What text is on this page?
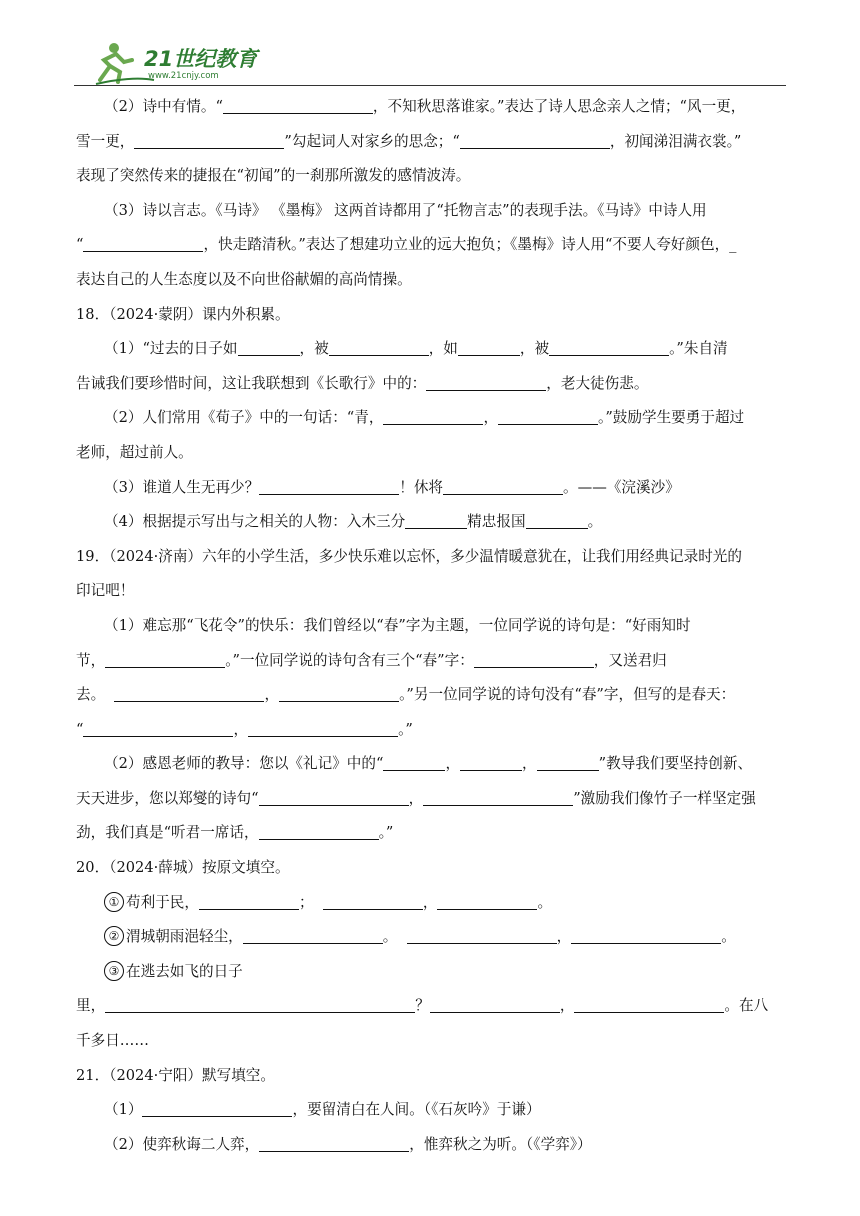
21世纪教育
www.21cnjy.com

（2）诗中有情。“	，不知秋思落谁家。”表达了诗人思念亲人之情；“风一更，

雪一更，	”勾起词人对家乡的思念；“	，初闻涕泪满衣裳。”

表现了突然传来的捷报在“初闻”的一刹那所激发的感情波涛。

（3）诗以言志。《马诗》 《墨梅》 这两首诗都用了“托物言志”的表现手法。《马诗》中诗人用

“	，快走踏清秋。”表达了想建功立业的远大抱负；《墨梅》诗人用“不要人夸好颜色，_

表达自己的人生态度以及不向世俗献媚的高尚情操。

18．（2024·蒙阴）课内外积累。

（1）“过去的日子如	，被	，如	，被	。”朱自清

告诫我们要珍惜时间，这让我联想到《长歌行》中的：	，老大徒伤悲。

（2）人们常用《荀子》中的一句话：“青，	，	。”鼓励学生要勇于超过

老师，超过前人。

（3）谁道人生无再少？	！休将	。——《浣溪沙》

（4）根据提示写出与之相关的人物：入木三分	精忠报国	。

19．（2024·济南）六年的小学生活，多少快乐难以忘怀，多少温情暖意犹在，让我们用经典记录时光的

印记吧！

（1）难忘那“飞花令”的快乐：我们曾经以“春”字为主题，一位同学说的诗句是：“好雨知时

节，	。”一位同学说的诗句含有三个“春”字：	，又送君归

去。	，	。”另一位同学说的诗句没有“春”字，但写的是春天：

“	，	。”

（2）感恩老师的教导：您以《礼记》中的“	，	，	”教导我们要坚持创新、

天天进步，您以郑燮的诗句“	，	”激励我们像竹子一样坚定强

劲，我们真是“听君一席话，	。”

20．（2024·薛城）按原文填空。

① 苟利于民，	；	，	。

② 渭城朝雨浥轻尘，	。	，	。

③ 在逃去如飞的日子

里，	？	，	。在八

千多日……

21．（2024·宁阳）默写填空。

（1）	，要留清白在人间。（《石灰吟》于谦）

（2）使弈秋诲二人弈，	，惟弈秋之为听。（《学弈》）
